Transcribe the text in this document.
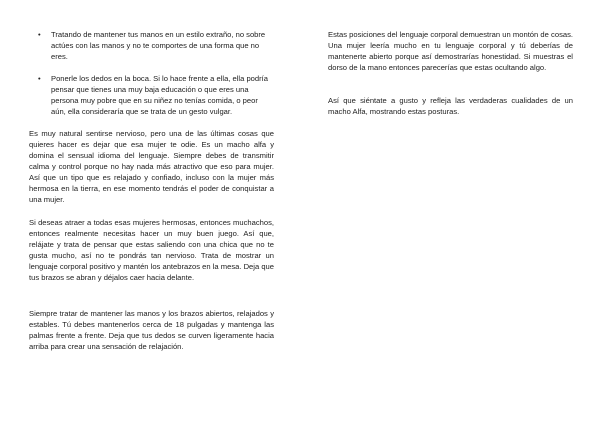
• Tratando de mantener tus manos en un estilo extraño, no sobre actúes con las manos y no te comportes de una forma que no eres.

• Ponerle los dedos en la boca. Si lo hace frente a ella, ella podría pensar que tienes una muy baja educación o que eres una persona muy pobre que en su niñez no tenías comida, o peor aún, ella consideraría que se trata de un gesto vulgar.

Es muy natural sentirse nervioso, pero una de las últimas cosas que quieres hacer es dejar que esa mujer te odie. Es un macho alfa y domina el sensual idioma del lenguaje. Siempre debes de transmitir calma y control porque no hay nada más atractivo que eso para mujer. Así que un tipo que es relajado y confiado, incluso con la mujer más hermosa en la tierra, en ese momento tendrás el poder de conquistar a una mujer.

Si deseas atraer a todas esas mujeres hermosas, entonces muchachos, entonces realmente necesitas hacer un muy buen juego. Así que, relájate y trata de pensar que estas saliendo con una chica que no te gusta mucho, así no te pondrás tan nervioso. Trata de mostrar un lenguaje corporal positivo y mantén los antebrazos en la mesa. Deja que tus brazos se abran y déjalos caer hacia delante.

Siempre tratar de mantener las manos y los brazos abiertos, relajados y estables. Tú debes mantenerlos cerca de 18 pulgadas y mantenga las palmas frente a frente. Deja que tus dedos se curven ligeramente hacia arriba para crear una sensación de relajación.

Estas posiciones del lenguaje corporal demuestran un montón de cosas. Una mujer leería mucho en tu lenguaje corporal y tú deberías de mantenerte abierto porque así demostrarías honestidad. Si muestras el dorso de la mano entonces parecerías que estas ocultando algo.

Así que siéntate a gusto y refleja las verdaderas cualidades de un macho Alfa, mostrando estas posturas.
